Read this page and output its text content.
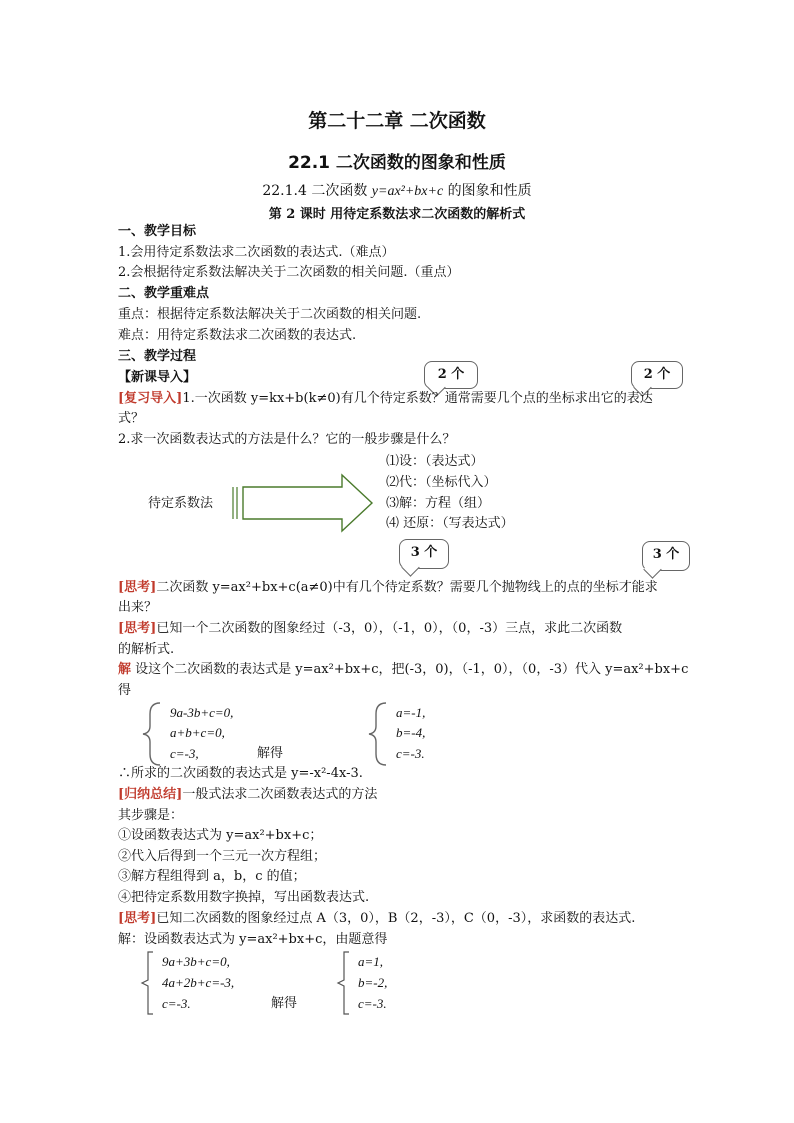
第二十二章 二次函数
22.1 二次函数的图象和性质
22.1.4 二次函数 y=ax²+bx+c 的图象和性质
第 2 课时 用待定系数法求二次函数的解析式
一、教学目标
1.会用待定系数法求二次函数的表达式.（难点）
2.会根据待定系数法解决关于二次函数的相关问题.（重点）
二、教学重难点
重点：根据待定系数法解决关于二次函数的相关问题.
难点：用待定系数法求二次函数的表达式.
三、教学过程
【新课导入】	2 个	2 个
[复习导入]1.一次函数 y=kx+b(k≠0)有几个待定系数？通常需要几个点的坐标求出它的表达
式？
2.求一次函数表达式的方法是什么？它的一般步骤是什么？
待定系数法
⑴设：（表达式）
⑵代：（坐标代入）
⑶解：方程（组）
⑷ 还原：（写表达式）
3 个	3 个
[思考]二次函数 y=ax²+bx+c(a≠0)中有几个待定系数？需要几个抛物线上的点的坐标才能求
出来？
[思考]已知一个二次函数的图象经过（-3，0），（-1，0），（0，-3）三点，求此二次函数
的解析式.
解 设这个二次函数的表达式是 y=ax²+bx+c，把(-3，0)，（-1，0），（0，-3）代入 y=ax²+bx+c
得
9a-3b+c=0,
a+b+c=0,
c=-3,	解得
a=-1,
b=-4,
c=-3.
∴所求的二次函数的表达式是 y=-x²-4x-3.
[归纳总结]一般式法求二次函数表达式的方法
其步骤是：
①设函数表达式为 y=ax²+bx+c；
②代入后得到一个三元一次方程组；
③解方程组得到 a，b，c 的值；
④把待定系数用数字换掉，写出函数表达式.
[思考]已知二次函数的图象经过点 A（3，0），B（2，-3），C（0，-3），求函数的表达式.
解：设函数表达式为 y=ax²+bx+c，由题意得
9a+3b+c=0,
4a+2b+c=-3,
c=-3.	解得
a=1,
b=-2,
c=-3.
